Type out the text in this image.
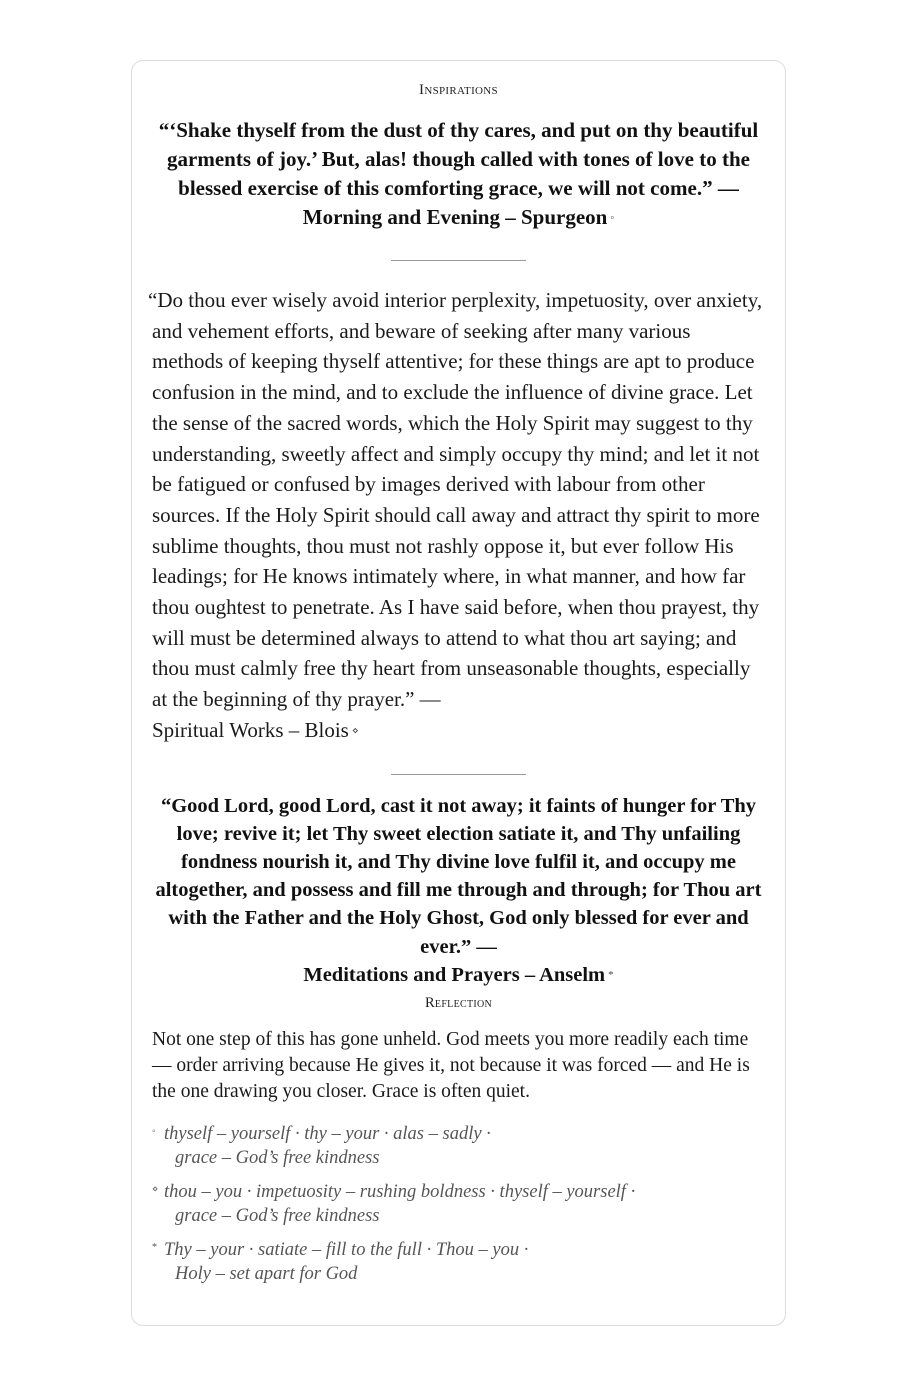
Inspirations

“‘Shake thyself from the dust of thy cares, and put on thy beautiful garments of joy.’ But, alas! though called with tones of love to the blessed exercise of this comforting grace, we will not come.” — Morning and Evening – Spurgeon ◦

“Do thou ever wisely avoid interior perplexity, impetuosity, over anxiety, and vehement efforts, and beware of seeking after many various methods of keeping thyself attentive; for these things are apt to produce confusion in the mind, and to exclude the influence of divine grace. Let the sense of the sacred words, which the Holy Spirit may suggest to thy understanding, sweetly affect and simply occupy thy mind; and let it not be fatigued or confused by images derived with labour from other sources. If the Holy Spirit should call away and attract thy spirit to more sublime thoughts, thou must not rashly oppose it, but ever follow His leadings; for He knows intimately where, in what manner, and how far thou oughtest to penetrate. As I have said before, when thou prayest, thy will must be determined always to attend to what thou art saying; and thou must calmly free thy heart from unseasonable thoughts, especially at the beginning of thy prayer.” —
Spiritual Works – Blois ⋄

“Good Lord, good Lord, cast it not away; it faints of hunger for Thy love; revive it; let Thy sweet election satiate it, and Thy unfailing fondness nourish it, and Thy divine love fulfil it, and occupy me altogether, and possess and fill me through and through; for Thou art with the Father and the Holy Ghost, God only blessed for ever and ever.” —
Meditations and Prayers – Anselm *

Reflection

Not one step of this has gone unheld. God meets you more readily each time — order arriving because He gives it, not because it was forced — and He is the one drawing you closer. Grace is often quiet.

◦ thyself – yourself · thy – your · alas – sadly ·
grace – God’s free kindness
⋄ thou – you · impetuosity – rushing boldness · thyself – yourself ·
grace – God’s free kindness
* Thy – your · satiate – fill to the full · Thou – you ·
Holy – set apart for God
